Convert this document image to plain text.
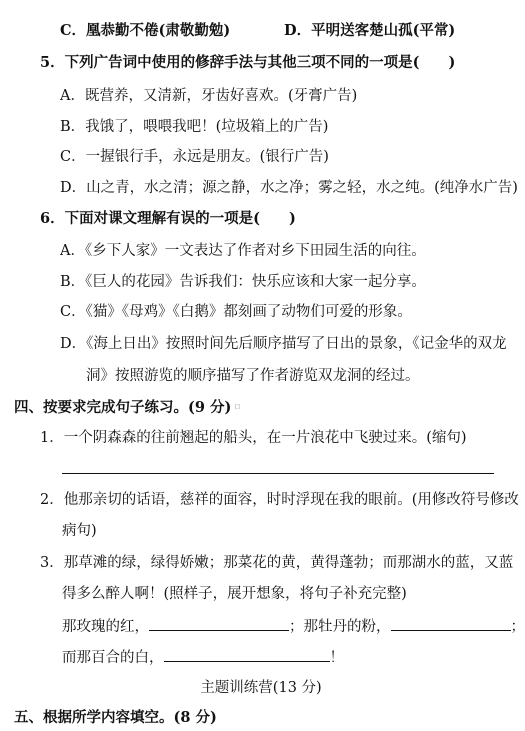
C．凰恭勤不倦(肃敬勤勉)	D．平明送客楚山孤(平常)
5．下列广告词中使用的修辞手法与其他三项不同的一项是(　　)
A．既营养，又清新，牙齿好喜欢。(牙膏广告)
B．我饿了，喂喂我吧！(垃圾箱上的广告)
C．一握银行手，永远是朋友。(银行广告)
D．山之青，水之清；源之静，水之净；雾之轻，水之纯。(纯净水广告)
6．下面对课文理解有误的一项是(　　)
A．《乡下人家》一文表达了作者对乡下田园生活的向往。
B．《巨人的花园》告诉我们：快乐应该和大家一起分享。
C．《猫》《母鸡》《白鹅》都刻画了动物们可爱的形象。
D．《海上日出》按照时间先后顺序描写了日出的景象，《记金华的双龙
洞》按照游览的顺序描写了作者游览双龙洞的经过。
四、按要求完成句子练习。(9 分) 口
1．一个阴森森的往前翘起的船头，在一片浪花中飞驶过来。(缩句)
2．他那亲切的话语，慈祥的面容，时时浮现在我的眼前。(用修改符号修改
病句)
3．那草滩的绿，绿得娇嫩；那菜花的黄，黄得蓬勃；而那湖水的蓝，又蓝
得多么醉人啊！(照样子，展开想象，将句子补充完整)
那玫瑰的红，	；那牡丹的粉，	；
而那百合的白，	！
主题训练营(13 分)
五、根据所学内容填空。(8 分)
